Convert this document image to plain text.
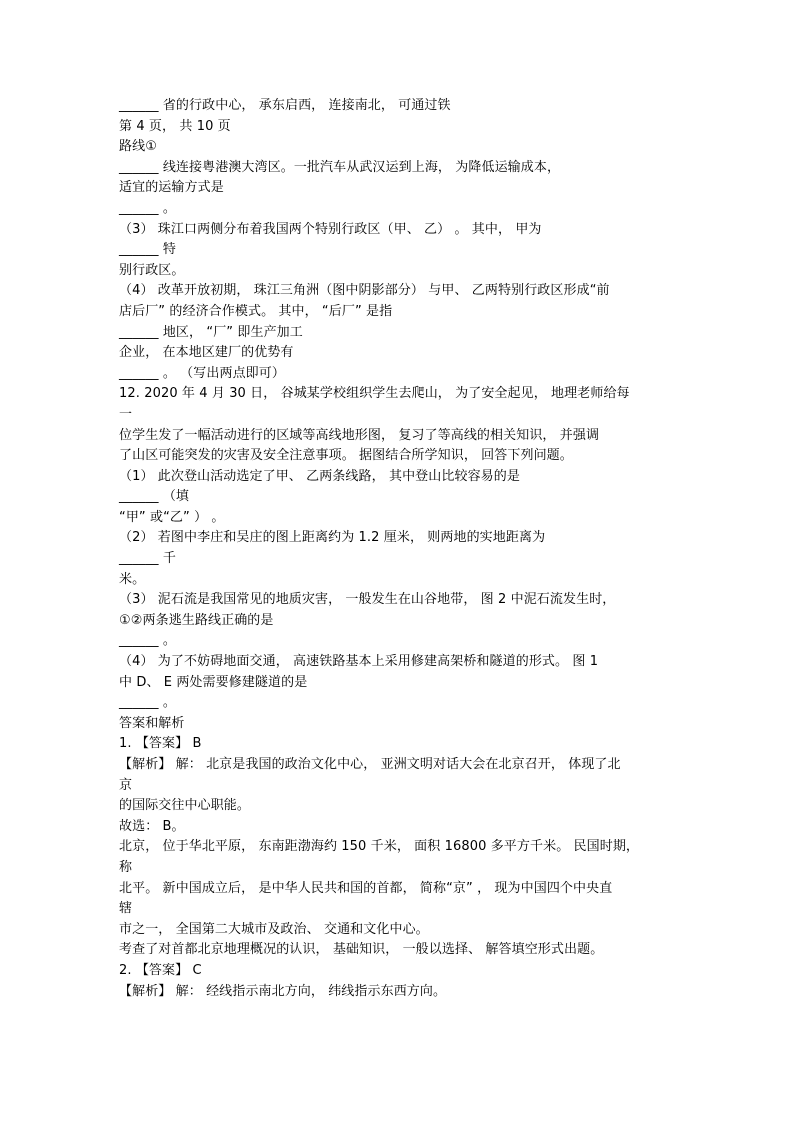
______ 省的行政中心， 承东启西， 连接南北， 可通过铁
第 4 页， 共 10 页
路线①
______ 线连接粤港澳大湾区。一批汽车从武汉运到上海， 为降低运输成本，
适宜的运输方式是
______ 。
（3） 珠江口两侧分布着我国两个特别行政区（甲、 乙） 。 其中， 甲为
______ 特
别行政区。
（4） 改革开放初期， 珠江三角洲（图中阴影部分） 与甲、 乙两特别行政区形成“前
店后厂” 的经济合作模式。 其中， “后厂” 是指
______ 地区， “厂” 即生产加工
企业， 在本地区建厂的优势有
______ 。 （写出两点即可）
12. 2020 年 4 月 30 日， 谷城某学校组织学生去爬山， 为了安全起见， 地理老师给每
一
位学生发了一幅活动进行的区域等高线地形图， 复习了等高线的相关知识， 并强调
了山区可能突发的灾害及安全注意事项。 据图结合所学知识， 回答下列问题。
（1） 此次登山活动选定了甲、 乙两条线路， 其中登山比较容易的是
______ （填
“甲” 或“乙” ） 。
（2） 若图中李庄和吴庄的图上距离约为 1.2 厘米， 则两地的实地距离为
______ 千
米。
（3） 泥石流是我国常见的地质灾害， 一般发生在山谷地带， 图 2 中泥石流发生时，
①②两条逃生路线正确的是
______ 。
（4） 为了不妨碍地面交通， 高速铁路基本上采用修建高架桥和隧道的形式。 图 1
中 D、 E 两处需要修建隧道的是
______ 。
答案和解析
1. 【答案】 B
【解析】 解： 北京是我国的政治文化中心， 亚洲文明对话大会在北京召开， 体现了北
京
的国际交往中心职能。
故选： B。
北京， 位于华北平原， 东南距渤海约 150 千米， 面积 16800 多平方千米。 民国时期，
称
北平。 新中国成立后， 是中华人民共和国的首都， 简称“京” ， 现为中国四个中央直
辖
市之一， 全国第二大城市及政治、 交通和文化中心。
考查了对首都北京地理概况的认识， 基础知识， 一般以选择、 解答填空形式出题。
2. 【答案】 C
【解析】 解： 经线指示南北方向， 纬线指示东西方向。
